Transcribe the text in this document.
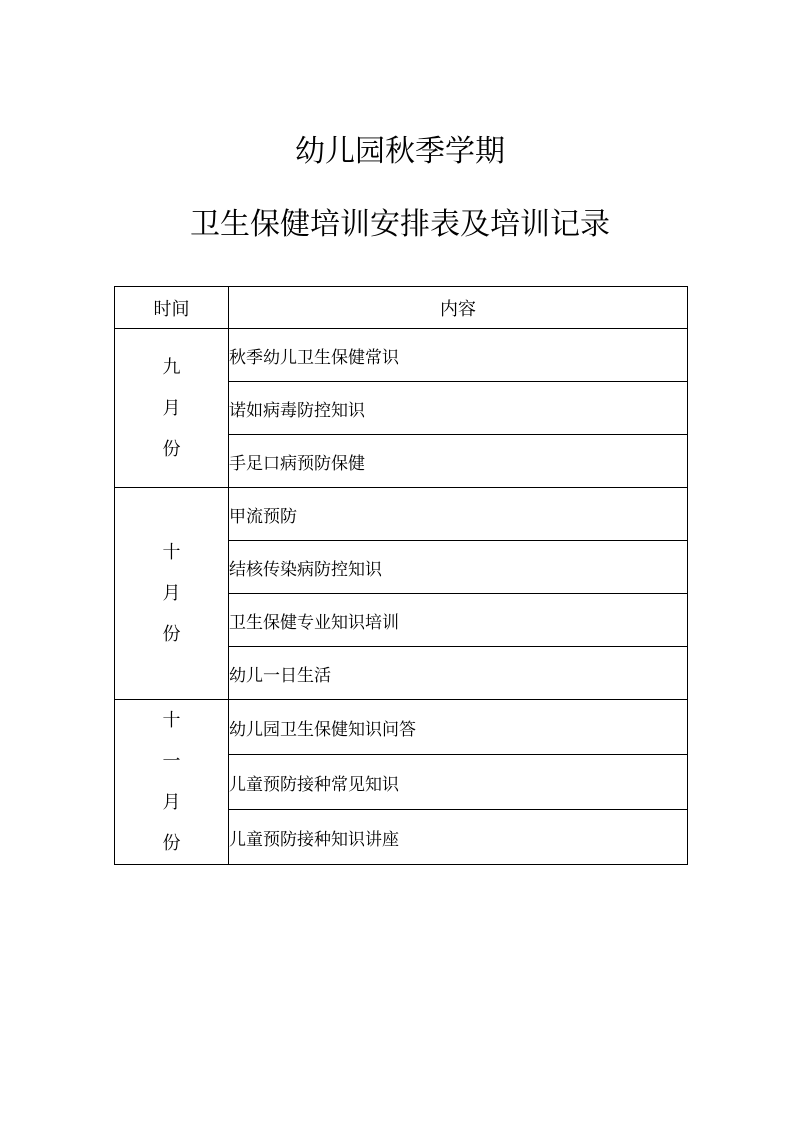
幼儿园秋季学期
卫生保健培训安排表及培训记录
时间	内容

九
月
份	秋季幼儿卫生保健常识
	诺如病毒防控知识
	手足口病预防保健

十
月
份	甲流预防
	结核传染病防控知识
	卫生保健专业知识培训
	幼儿一日生活

十
一
月
份	幼儿园卫生保健知识问答
	儿童预防接种常见知识
	儿童预防接种知识讲座
